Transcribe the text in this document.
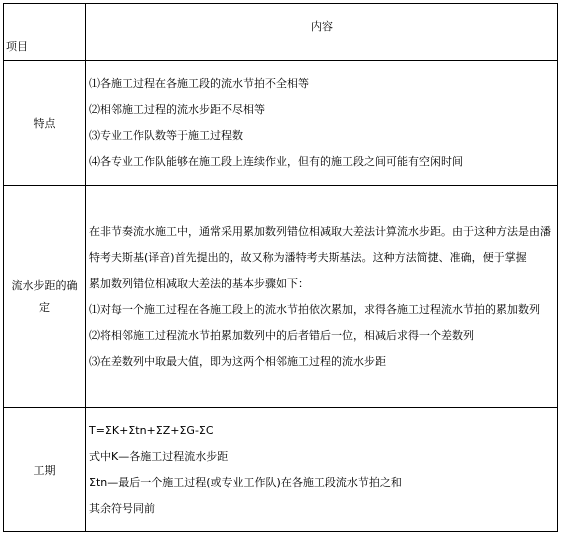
项目	内容
特点	⑴各施工过程在各施工段的流水节拍不全相等
⑵相邻施工过程的流水步距不尽相等
⑶专业工作队数等于施工过程数
⑷各专业工作队能够在施工段上连续作业，但有的施工段之间可能有空闲时间

流水步距的确定	在非节奏流水施工中，通常采用累加数列错位相减取大差法计算流水步距。由于这种方法是由潘特考夫斯基(译音)首先提出的，故又称为潘特考夫斯基法。这种方法简捷、准确，便于掌握
累加数列错位相减取大差法的基本步骤如下：
⑴对每一个施工过程在各施工段上的流水节拍依次累加，求得各施工过程流水节拍的累加数列
⑵将相邻施工过程流水节拍累加数列中的后者错后一位，相减后求得一个差数列
⑶在差数列中取最大值，即为这两个相邻施工过程的流水步距

工期	T=ΣK+Σtn+ΣZ+ΣG-ΣC
式中K—各施工过程流水步距
Σtn—最后一个施工过程(或专业工作队)在各施工段流水节拍之和
其余符号同前
